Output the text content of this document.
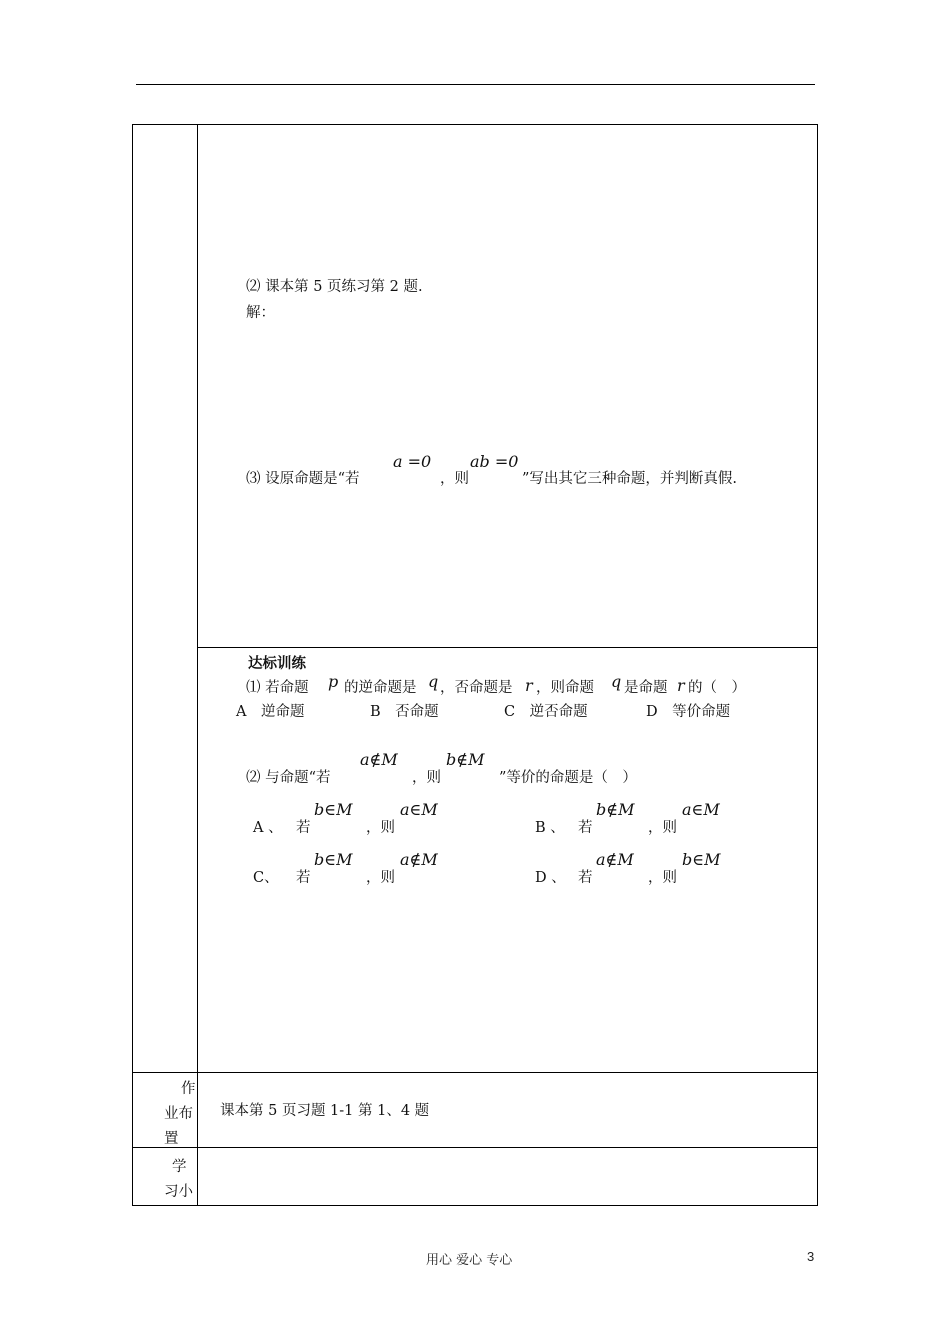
⑵ 课本第 5 页练习第 2 题.
解：
⑶ 设原命题是“若
a =0
，则
ab =0
”写出其它三种命题，并判断真假.
达标训练
⑴ 若命题 p 的逆命题是 q ，否命题是 r ，则命题 q 是命题 r 的（　）
A　逆命题	B　否命题	C　逆否命题	D　等价命题
⑵ 与命题“若
a∉M
，则
b∉M
”等价的命题是（　）
A 、 若
b∈M
，则
a∈M
B 、 若
b∉M
，则
a∈M
C、 若
b∈M
，则
a∉M
D 、 若
a∉M
，则
b∈M
作
业布
置
课本第 5 页习题 1-1 第 1、4 题
学
习小
用心 爱心 专心	3
